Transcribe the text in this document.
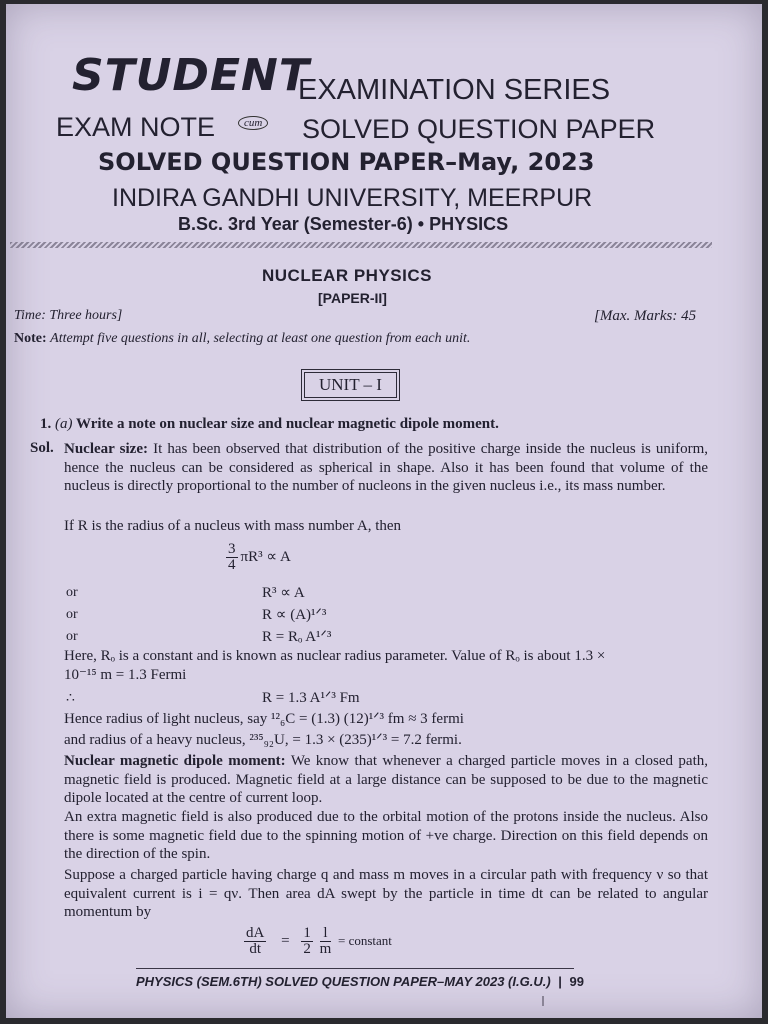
STUDENT
EXAMINATION SERIES
EXAM NOTE	cum SOLVED QUESTION PAPER
SOLVED QUESTION PAPER–May, 2023
INDIRA GANDHI UNIVERSITY, MEERPUR
B.Sc. 3rd Year (Semester-6) • PHYSICS
NUCLEAR PHYSICS
[PAPER-II]
Time: Three hours]	[Max. Marks: 45
Note: Attempt five questions in all, selecting at least one question from each unit.
UNIT – I
1. (a) Write a note on nuclear size and nuclear magnetic dipole moment.
Sol. Nuclear size: It has been observed that distribution of the positive charge inside the nucleus is uniform, hence the nucleus can be considered as spherical in shape. Also it has been found that volume of the nucleus is directly proportional to the number of nucleons in the given nucleus i.e., its mass number.
If R is the radius of a nucleus with mass number A, then
$\frac{3}{4} \pi R^3 \propto A$
or	R³ ∝ A
or	R ∝ (A)¹ᐟ³
or	R = Rₒ A¹ᐟ³
Here, Rₒ is a constant and is known as nuclear radius parameter. Value of Rₒ is about 1.3 ×
10⁻¹⁵ m = 1.3 Fermi
∴	R = 1.3 A¹ᐟ³ Fm
Hence radius of light nucleus, say ¹²₆C = (1.3) (12)¹ᐟ³ fm ≈ 3 fermi
and radius of a heavy nucleus, ²³⁵₉₂U, = 1.3 × (235)¹ᐟ³ = 7.2 fermi.
Nuclear magnetic dipole moment: We know that whenever a charged particle moves in a closed path, magnetic field is produced. Magnetic field at a large distance can be supposed to be due to the magnetic dipole located at the centre of current loop.
An extra magnetic field is also produced due to the orbital motion of the protons inside the nucleus. Also there is some magnetic field due to the spinning motion of +ve charge. Direction on this field depends on the direction of the spin.
Suppose a charged particle having charge q and mass m moves in a circular path with frequency ν so that equivalent current is i = qν. Then area dA swept by the particle in time dt can be related to angular momentum by
$\frac{dA}{dt} = \frac{1}{2}$
$\frac{l}{m}$ = constant
PHYSICS (SEM.6TH) SOLVED QUESTION PAPER–MAY 2023 (I.G.U.) | 99
